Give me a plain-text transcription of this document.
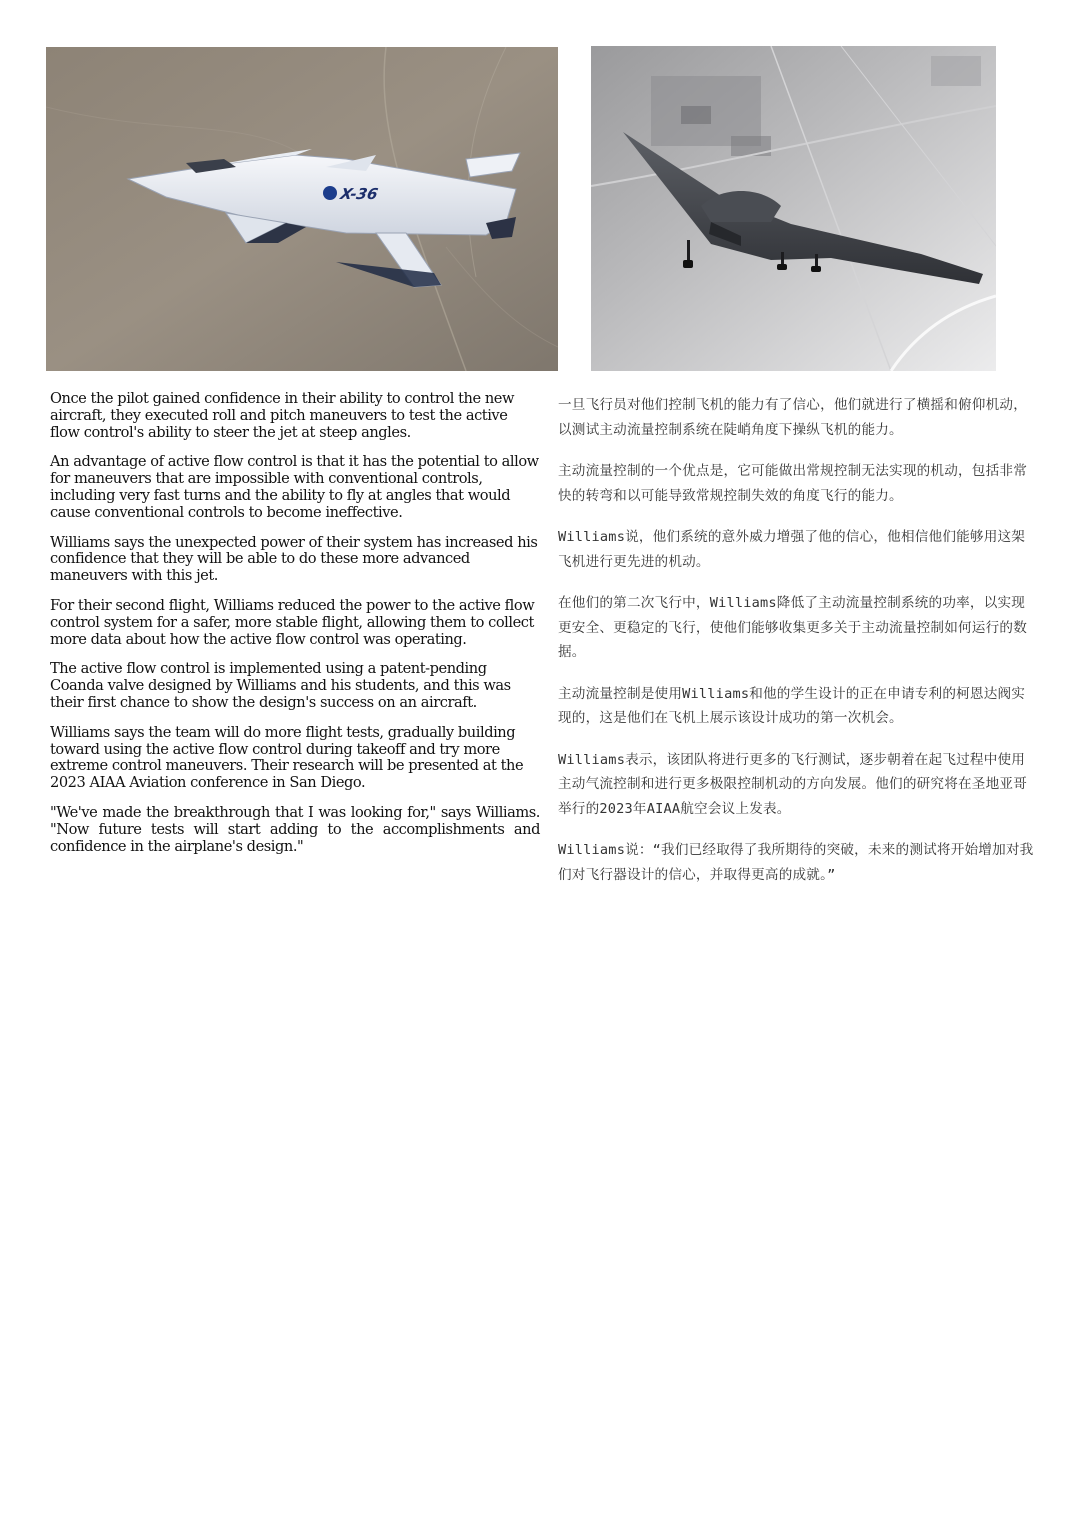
X-36

Once the pilot gained confidence in their ability to control the new aircraft, they executed roll and pitch maneuvers to test the active flow control's ability to steer the jet at steep angles.

An advantage of active flow control is that it has the potential to allow for maneuvers that are impossible with conventional controls, including very fast turns and the ability to fly at angles that would cause conventional controls to become ineffective.

Williams says the unexpected power of their system has increased his confidence that they will be able to do these more advanced maneuvers with this jet.

For their second flight, Williams reduced the power to the active flow control system for a safer, more stable flight, allowing them to collect more data about how the active flow control was operating.

The active flow control is implemented using a patent-pending Coanda valve designed by Williams and his students, and this was their first chance to show the design's success on an aircraft.

Williams says the team will do more flight tests, gradually building toward using the active flow control during takeoff and try more extreme control maneuvers. Their research will be presented at the 2023 AIAA Aviation conference in San Diego.

"We've made the breakthrough that I was looking for," says Williams. "Now future tests will start adding to the accomplishments and confidence in the airplane's design."

一旦飞行员对他们控制飞机的能力有了信心，他们就进行了横摇和俯仰机动，以测试主动流量控制系统在陡峭角度下操纵飞机的能力。

主动流量控制的一个优点是，它可能做出常规控制无法实现的机动，包括非常快的转弯和以可能导致常规控制失效的角度飞行的能力。

Williams说，他们系统的意外威力增强了他的信心，他相信他们能够用这架飞机进行更先进的机动。

在他们的第二次飞行中，Williams降低了主动流量控制系统的功率，以实现更安全、更稳定的飞行，使他们能够收集更多关于主动流量控制如何运行的数据。

主动流量控制是使用Williams和他的学生设计的正在申请专利的柯恩达阀实现的，这是他们在飞机上展示该设计成功的第一次机会。

Williams表示，该团队将进行更多的飞行测试，逐步朝着在起飞过程中使用主动气流控制和进行更多极限控制机动的方向发展。他们的研究将在圣地亚哥举行的2023年AIAA航空会议上发表。

Williams说：“我们已经取得了我所期待的突破，未来的测试将开始增加对我们对飞行器设计的信心，并取得更高的成就。”
